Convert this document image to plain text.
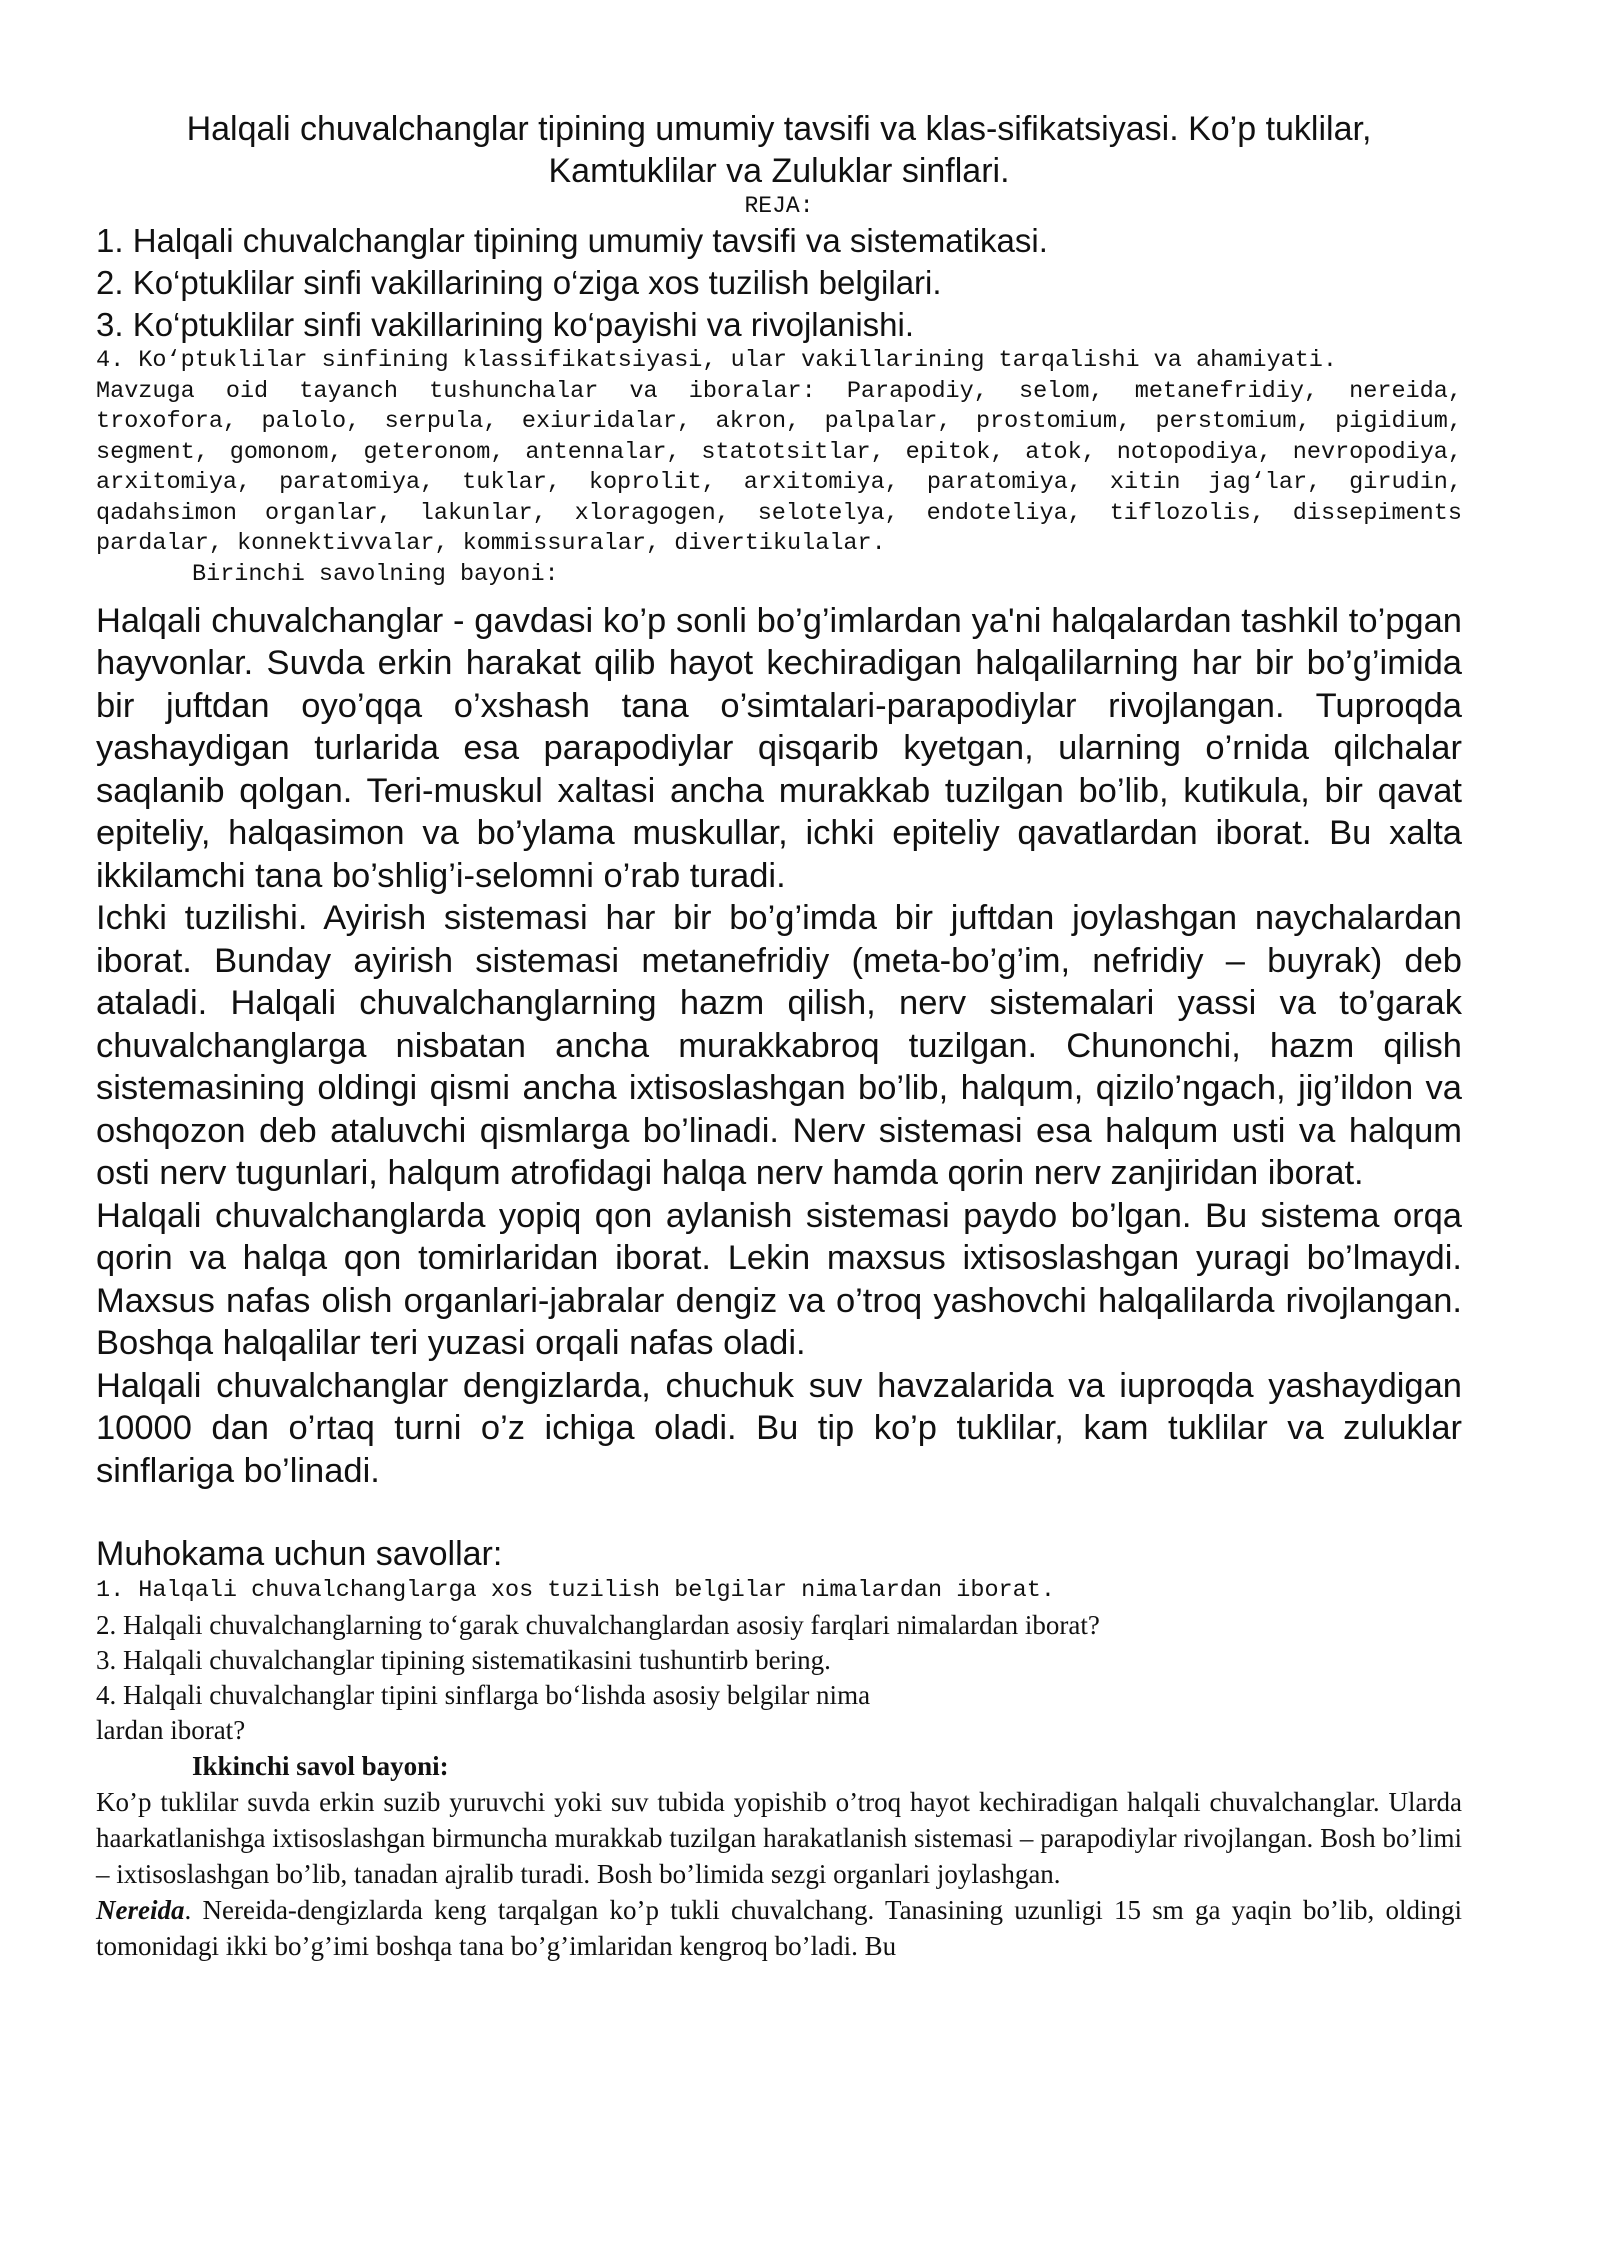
Halqali chuvalchanglar tipining umumiy tavsifi va klas-sifikatsiyasi. Ko’p tuklilar,
Kamtuklilar va Zuluklar sinflari.

REJA:

1. Halqali chuvalchanglar tipining umumiy tavsifi va sistematikasi.

2. Ko‘ptuklilar sinfi vakillarining o‘ziga xos tuzilish belgilari.

3. Ko‘ptuklilar sinfi vakillarining ko‘payishi va rivojlanishi.

4. Ko‘ptuklilar sinfining klassifikatsiyasi, ular vakillarining tarqalishi va ahamiyati.

Mavzuga oid tayanch tushunchalar va iboralar: Parapodiy, selom, metanefridiy, nereida, troxofora, palolo, serpula, exiuridalar, akron, palpalar, prostomium, perstomium, pigidium, segment, gomonom, geteronom, antennalar, statotsitlar, epitok, atok, notopodiya, nevropodiya, arxitomiya, paratomiya, tuklar, koprolit, arxitomiya, paratomiya, xitin jag‘lar, girudin, qadahsimon organlar, lakunlar, xloragogen, selotelya, endoteliya, tiflozolis, dissepiments pardalar, konnektivvalar, kommissuralar, divertikulalar.

Birinchi savolning bayoni:

Halqali chuvalchanglar - gavdasi ko’p sonli bo’g’imlardan ya'ni halqalardan tashkil to’pgan hayvonlar. Suvda erkin harakat qilib hayot kechiradigan halqalilarning har bir bo’g’imida bir juftdan oyo’qqa o’xshash tana o’simtalari-parapodiylar rivojlangan. Tuproqda yashaydigan turlarida esa parapodiylar qisqarib kyetgan, ularning o’rnida qilchalar saqlanib qolgan. Teri-muskul xaltasi ancha murakkab tuzilgan bo’lib, kutikula, bir qavat epiteliy, halqasimon va bo’ylama muskullar, ichki epiteliy qavatlardan iborat. Bu xalta ikkilamchi tana bo’shlig’i-selomni o’rab turadi.

Ichki tuzilishi. Ayirish sistemasi har bir bo’g’imda bir juftdan joylashgan naychalardan iborat. Bunday ayirish sistemasi metanefridiy (meta-bo’g’im, nefridiy – buyrak) deb ataladi. Halqali chuvalchanglarning hazm qilish, nerv sistemalari yassi va to’garak chuvalchanglarga nisbatan ancha murakkabroq tuzilgan. Chunonchi, hazm qilish sistemasining oldingi qismi ancha ixtisoslashgan bo’lib, halqum, qizilo’ngach, jig’ildon va oshqozon deb ataluvchi qismlarga bo’linadi. Nerv sistemasi esa halqum usti va halqum osti nerv tugunlari, halqum atrofidagi halqa nerv hamda qorin nerv zanjiridan iborat.

Halqali chuvalchanglarda yopiq qon aylanish sistemasi paydo bo’lgan. Bu sistema orqa qorin va halqa qon tomirlaridan iborat. Lekin maxsus ixtisoslashgan yuragi bo’lmaydi. Maxsus nafas olish organlari-jabralar dengiz va o’troq yashovchi halqalilarda rivojlangan. Boshqa halqalilar teri yuzasi orqali nafas oladi.

Halqali chuvalchanglar dengizlarda, chuchuk suv havzalarida va iuproqda yashaydigan 10000 dan o’rtaq turni o’z ichiga oladi. Bu tip ko’p tuklilar, kam tuklilar va zuluklar sinflariga bo’linadi.

Muhokama uchun savollar:

1. Halqali chuvalchanglarga xos tuzilish belgilar nimalardan iborat.

2. Halqali chuvalchanglarning to‘garak chuvalchanglardan asosiy farqlari nimalardan iborat?

3. Halqali chuvalchanglar tipining sistematikasini tushuntirb bering.

4. Halqali chuvalchanglar tipini sinflarga bo‘lishda asosiy belgilar nima

lardan iborat?

Ikkinchi savol bayoni:

Ko’p tuklilar suvda erkin suzib yuruvchi yoki suv tubida yopishib o’troq hayot kechiradigan halqali chuvalchanglar. Ularda haarkatlanishga ixtisoslashgan birmuncha murakkab tuzilgan harakatlanish sistemasi – parapodiylar rivojlangan. Bosh bo’limi – ixtisoslashgan bo’lib, tanadan ajralib turadi. Bosh bo’limida sezgi organlari joylashgan.

Nereida. Nereida-dengizlarda keng tarqalgan ko’p tukli chuvalchang. Tanasining uzunligi 15 sm ga yaqin bo’lib, oldingi tomonidagi ikki bo’g’imi boshqa tana bo’g’imlaridan kengroq bo’ladi. Bu
